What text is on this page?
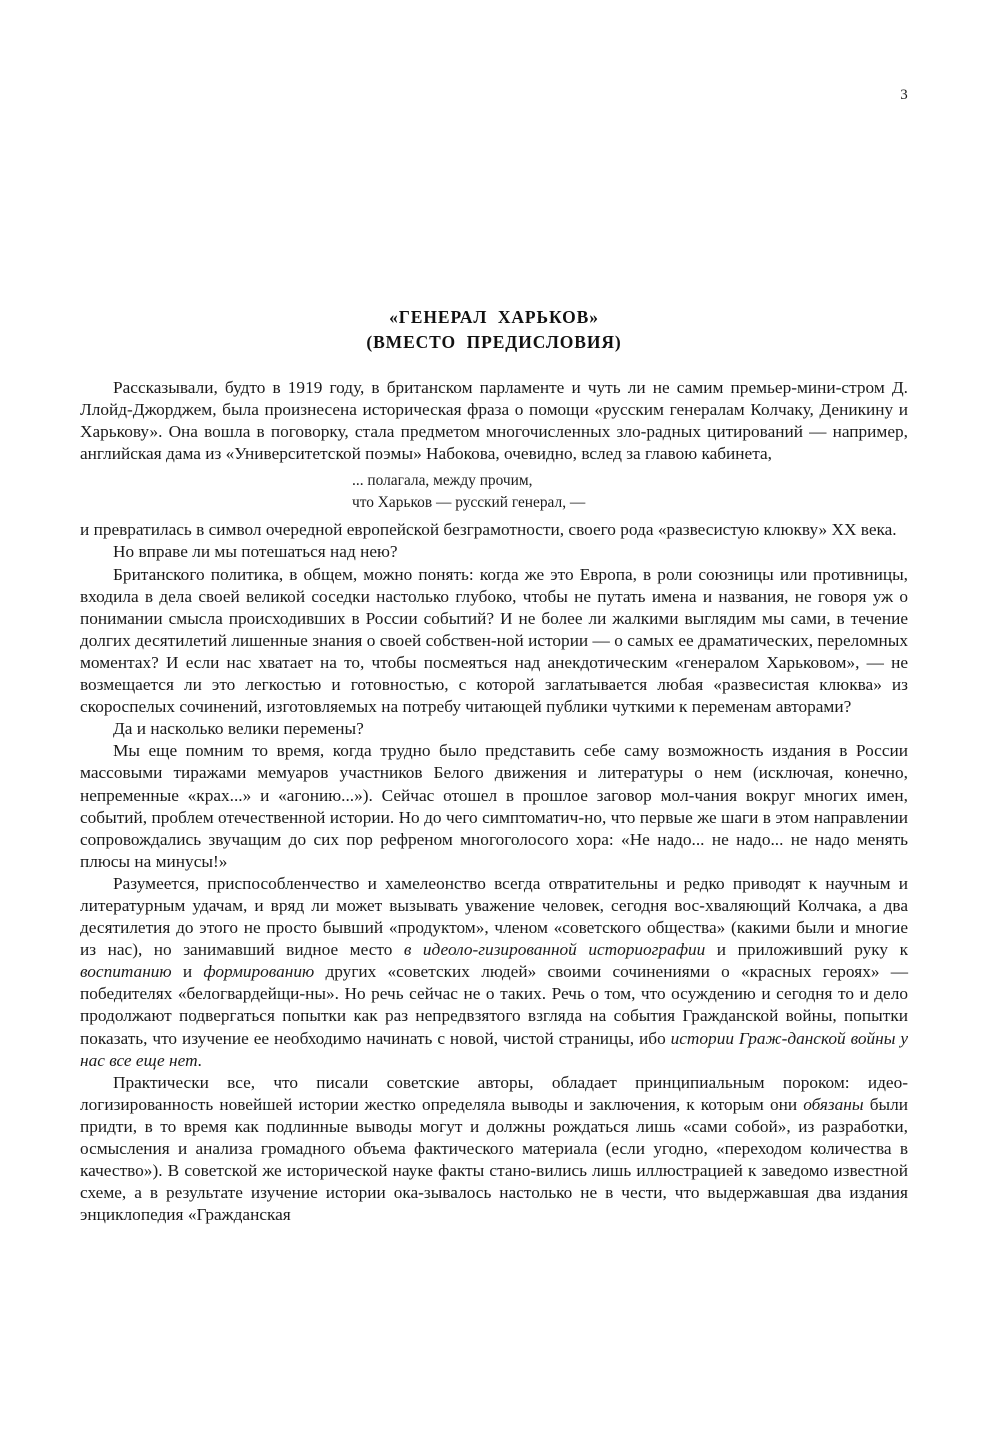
3
«ГЕНЕРАЛ  ХАРЬКОВ»
(ВМЕСТО  ПРЕДИСЛОВИЯ)

Рассказывали, будто в 1919 году, в британском парламенте и чуть ли не самим премьер-мини-стром Д. Ллойд-Джорджем, была произнесена историческая фраза о помощи «русским генералам Колчаку, Деникину и Харькову». Она вошла в поговорку, стала предметом многочисленных зло-радных цитирований — например, английская дама из «Университетской поэмы» Набокова, очевидно, вслед за главою кабинета,

... полагала, между прочим,
что Харьков — русский генерал, —

и превратилась в символ очередной европейской безграмотности, своего рода «развесистую клюкву» XX века.

Но вправе ли мы потешаться над нею?

Британского политика, в общем, можно понять: когда же это Европа, в роли союзницы или противницы, входила в дела своей великой соседки настолько глубоко, чтобы не путать имена и названия, не говоря уж о понимании смысла происходивших в России событий? И не более ли жалкими выглядим мы сами, в течение долгих десятилетий лишенные знания о своей собствен-ной истории — о самых ее драматических, переломных моментах? И если нас хватает на то, чтобы посмеяться над анекдотическим «генералом Харьковом», — не возмещается ли это легкостью и готовностью, с которой заглатывается любая «развесистая клюква» из скороспелых сочинений, изготовляемых на потребу читающей публики чуткими к переменам авторами?

Да и насколько велики перемены?

Мы еще помним то время, когда трудно было представить себе саму возможность издания в России массовыми тиражами мемуаров участников Белого движения и литературы о нем (исключая, конечно, непременные «крах...» и «агонию...»). Сейчас отошел в прошлое заговор мол-чания вокруг многих имен, событий, проблем отечественной истории. Но до чего симптоматич-но, что первые же шаги в этом направлении сопровождались звучащим до сих пор рефреном многоголосого хора: «Не надо... не надо... не надо менять плюсы на минусы!»

Разумеется, приспособленчество и хамелеонство всегда отвратительны и редко приводят к научным и литературным удачам, и вряд ли может вызывать уважение человек, сегодня вос-хваляющий Колчака, а два десятилетия до этого не просто бывший «продуктом», членом «советского общества» (какими были и многие из нас), но занимавший видное место в идеоло-гизированной историографии и приложивший руку к воспитанию и формированию других «советских людей» своими сочинениями о «красных героях» — победителях «белогвардейщи-ны». Но речь сейчас не о таких. Речь о том, что осуждению и сегодня то и дело продолжают подвергаться попытки как раз непредвзятого взгляда на события Гражданской войны, попытки показать, что изучение ее необходимо начинать с новой, чистой страницы, ибо истории Граж-данской войны у нас все еще нет.

Практически все, что писали советские авторы, обладает принципиальным пороком: идео-логизированность новейшей истории жестко определяла выводы и заключения, к которым они обязаны были придти, в то время как подлинные выводы могут и должны рождаться лишь «сами собой», из разработки, осмысления и анализа громадного объема фактического материала (если угодно, «переходом количества в качество»). В советской же исторической науке факты стано-вились лишь иллюстрацией к заведомо известной схеме, а в результате изучение истории ока-зывалось настолько не в чести, что выдержавшая два издания энциклопедия «Гражданская
